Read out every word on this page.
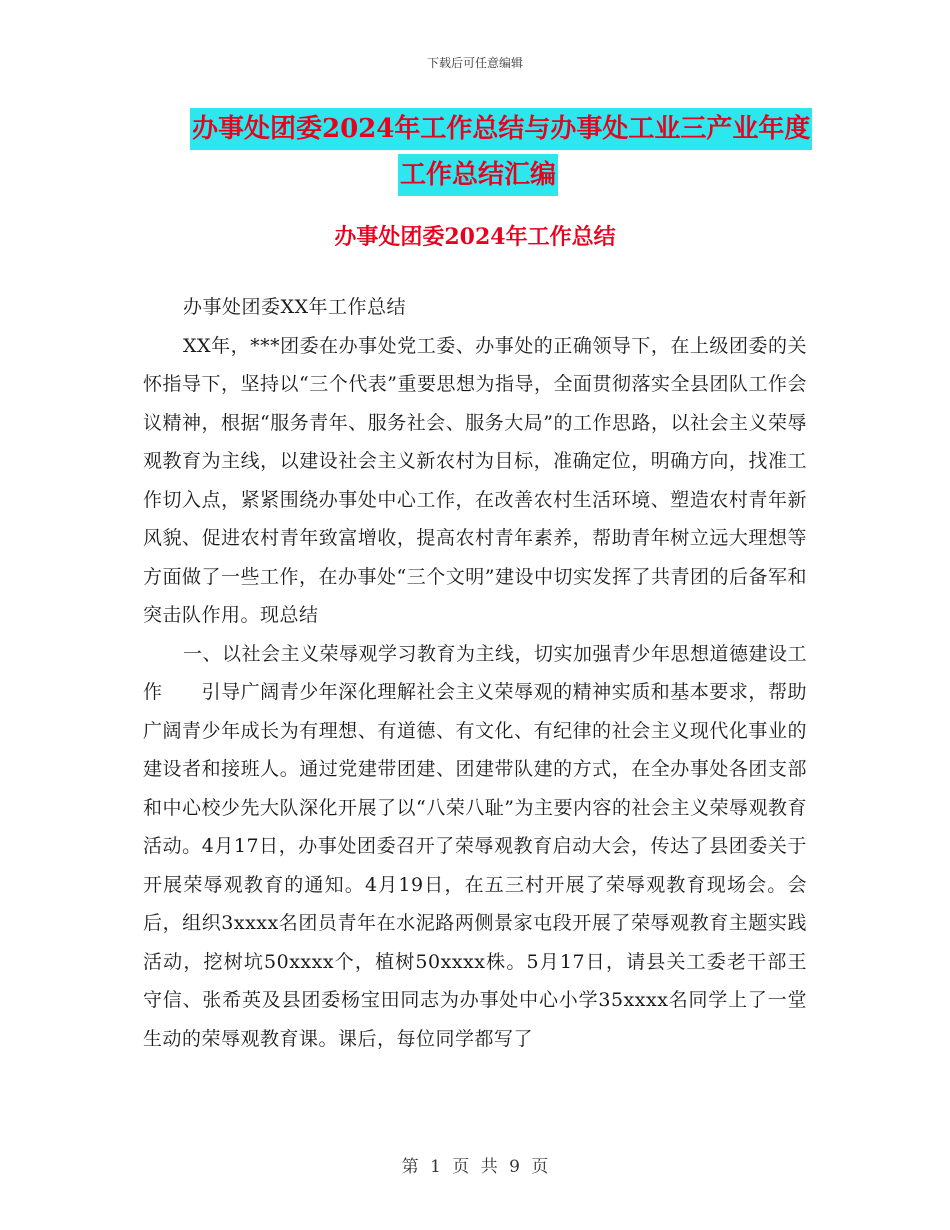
下载后可任意编辑
办事处团委2024年工作总结与办事处工业三产业年度
工作总结汇编
办事处团委2024年工作总结

办事处团委XX年工作总结

XX年，***团委在办事处党工委、办事处的正确领导下，在上级团委的关怀指导下，坚持以“三个代表”重要思想为指导，全面贯彻落实全县团队工作会议精神，根据“服务青年、服务社会、服务大局”的工作思路，以社会主义荣辱观教育为主线，以建设社会主义新农村为目标，准确定位，明确方向，找准工作切入点，紧紧围绕办事处中心工作，在改善农村生活环境、塑造农村青年新风貌、促进农村青年致富增收，提高农村青年素养，帮助青年树立远大理想等方面做了一些工作，在办事处“三个文明”建设中切实发挥了共青团的后备军和突击队作用。现总结

一、以社会主义荣辱观学习教育为主线，切实加强青少年思想道德建设工作　　引导广阔青少年深化理解社会主义荣辱观的精神实质和基本要求，帮助广阔青少年成长为有理想、有道德、有文化、有纪律的社会主义现代化事业的建设者和接班人。通过党建带团建、团建带队建的方式，在全办事处各团支部和中心校少先大队深化开展了以“八荣八耻”为主要内容的社会主义荣辱观教育活动。4月17日，办事处团委召开了荣辱观教育启动大会，传达了县团委关于开展荣辱观教育的通知。4月19日，在五三村开展了荣辱观教育现场会。会后，组织3xxxx名团员青年在水泥路两侧景家屯段开展了荣辱观教育主题实践活动，挖树坑50xxxx个，植树50xxxx株。5月17日，请县关工委老干部王守信、张希英及县团委杨宝田同志为办事处中心小学35xxxx名同学上了一堂生动的荣辱观教育课。课后，每位同学都写了

第 1 页 共 9 页
